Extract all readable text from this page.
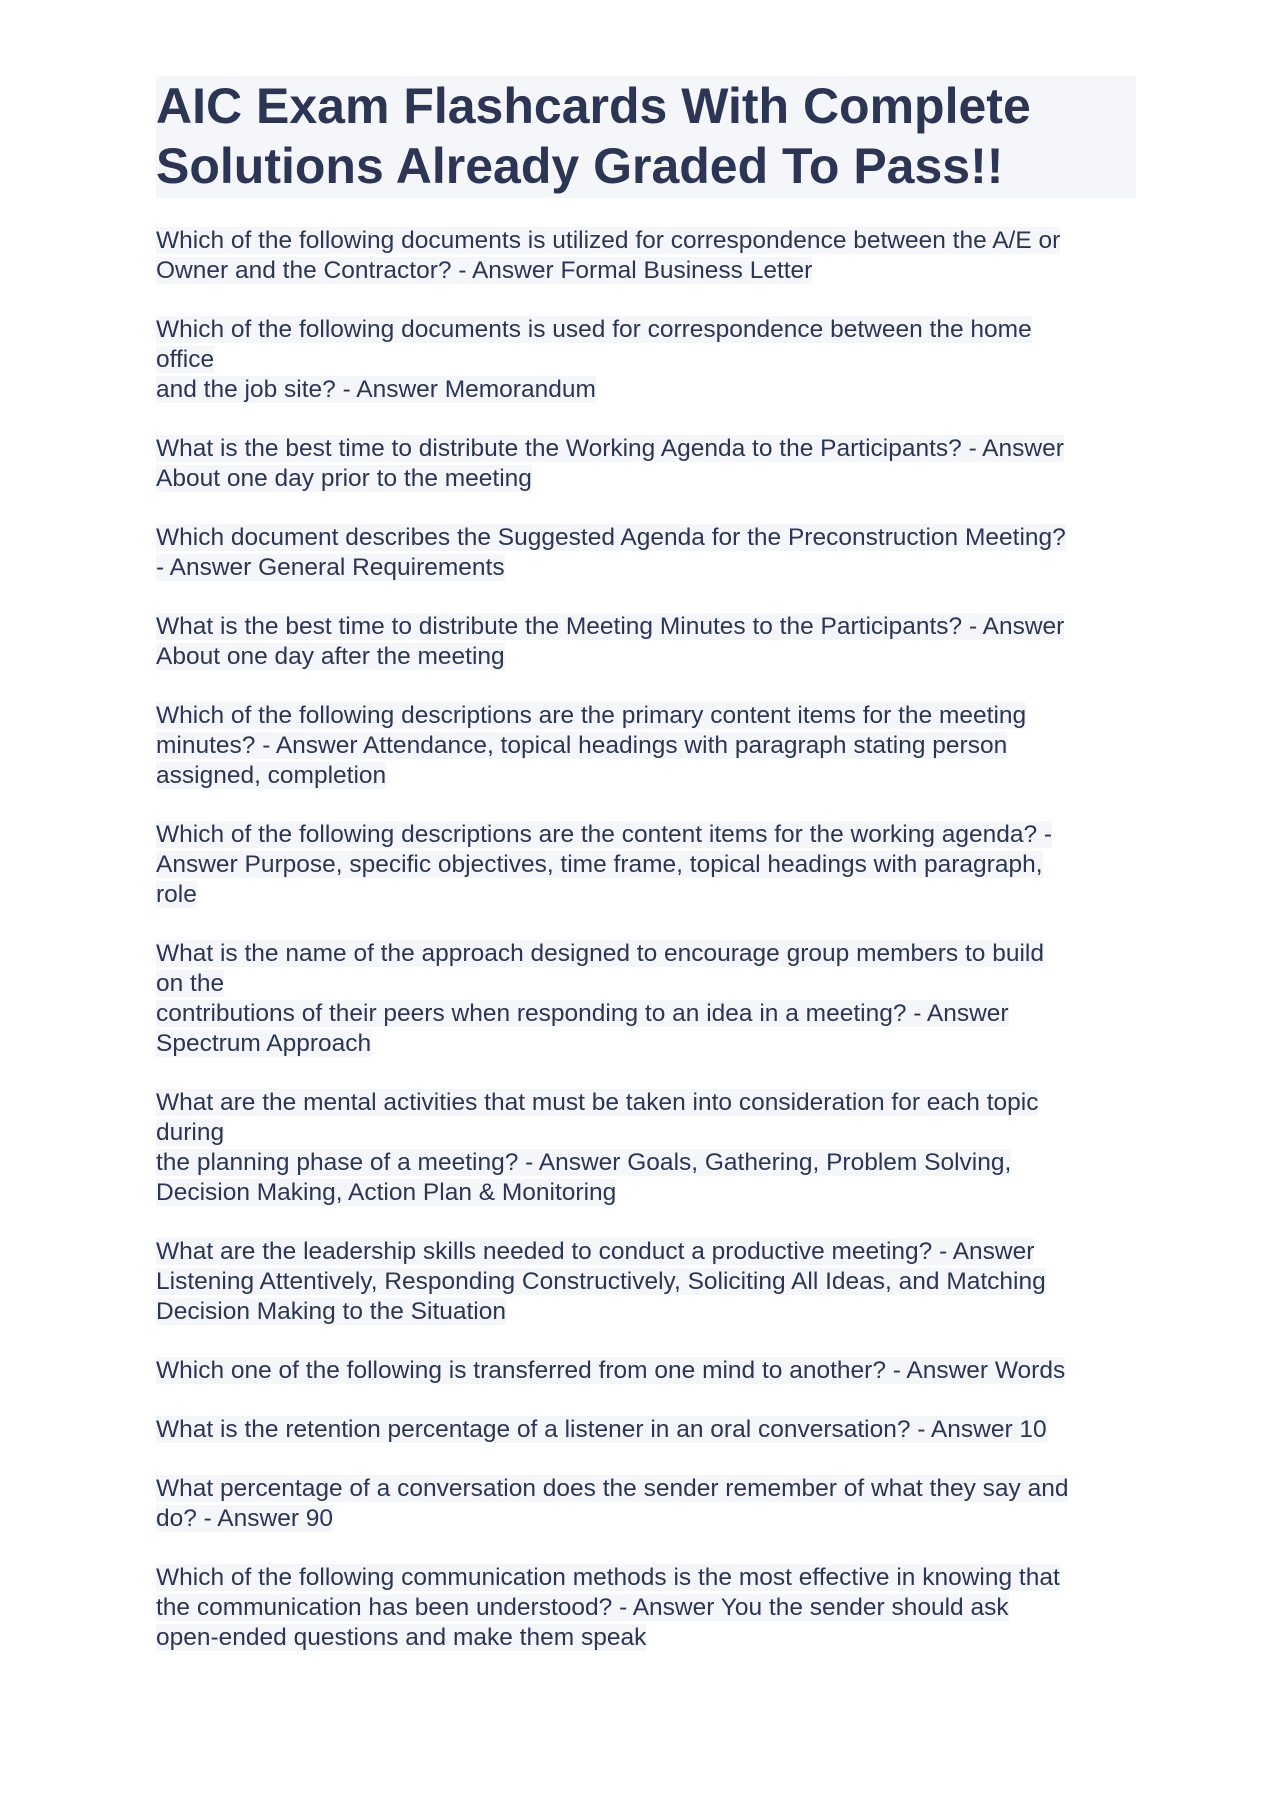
AIC Exam Flashcards With Complete
Solutions Already Graded To Pass!!
Which of the following documents is utilized for correspondence between the A/E or
Owner and the Contractor? - Answer Formal Business Letter
Which of the following documents is used for correspondence between the home
office
and the job site? - Answer Memorandum
What is the best time to distribute the Working Agenda to the Participants? - Answer
About one day prior to the meeting
Which document describes the Suggested Agenda for the Preconstruction Meeting?
- Answer General Requirements
What is the best time to distribute the Meeting Minutes to the Participants? - Answer
About one day after the meeting
Which of the following descriptions are the primary content items for the meeting
minutes? - Answer Attendance, topical headings with paragraph stating person
assigned, completion
Which of the following descriptions are the content items for the working agenda? -
Answer Purpose, specific objectives, time frame, topical headings with paragraph,
role
What is the name of the approach designed to encourage group members to build
on the
contributions of their peers when responding to an idea in a meeting? - Answer
Spectrum Approach
What are the mental activities that must be taken into consideration for each topic
during
the planning phase of a meeting? - Answer Goals, Gathering, Problem Solving,
Decision Making, Action Plan & Monitoring
What are the leadership skills needed to conduct a productive meeting? - Answer
Listening Attentively, Responding Constructively, Soliciting All Ideas, and Matching
Decision Making to the Situation
Which one of the following is transferred from one mind to another? - Answer Words
What is the retention percentage of a listener in an oral conversation? - Answer 10
What percentage of a conversation does the sender remember of what they say and
do? - Answer 90
Which of the following communication methods is the most effective in knowing that
the communication has been understood? - Answer You the sender should ask
open-ended questions and make them speak
